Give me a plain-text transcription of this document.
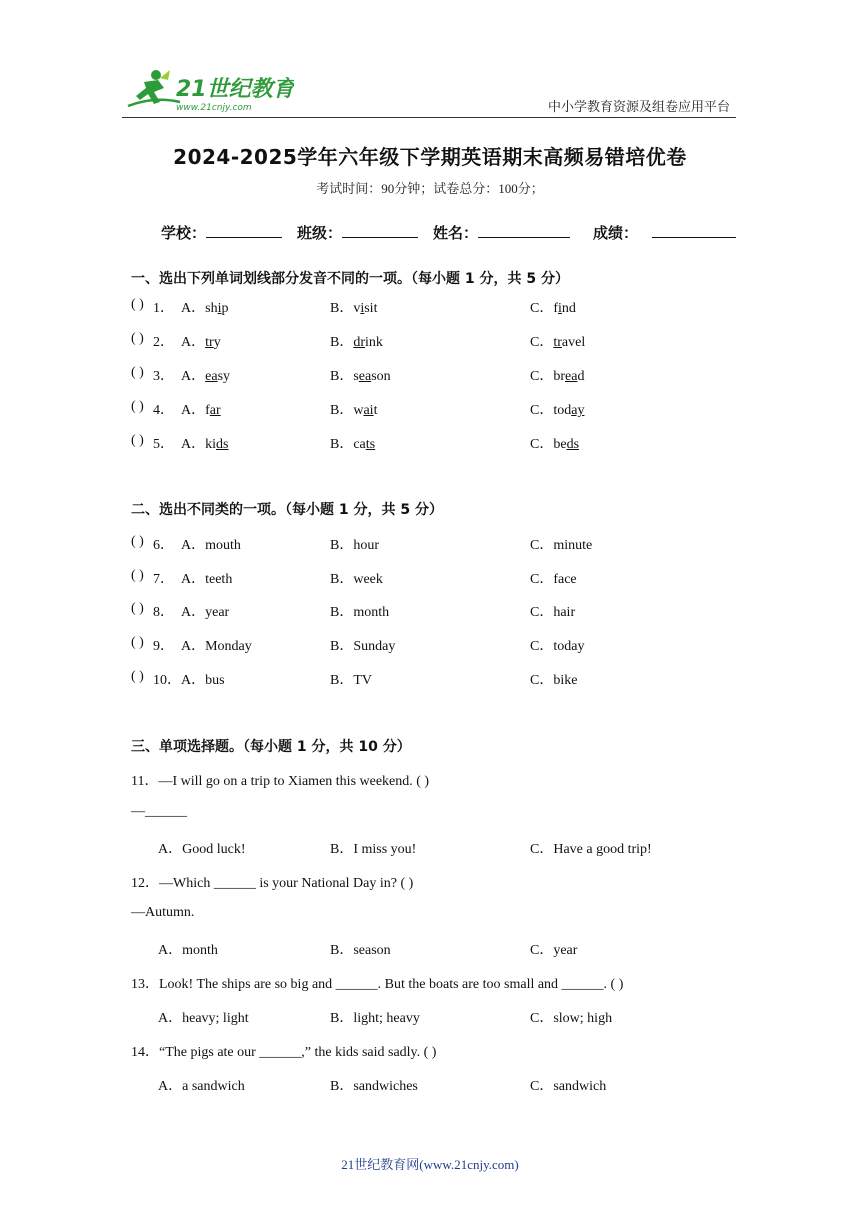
21世纪教育
www.21cnjy.com	中小学教育资源及组卷应用平台
2024-2025学年六年级下学期英语期末高频易错培优卷
考试时间：90分钟；试卷总分：100分；
学校：	班级：	姓名：	成绩：
一、选出下列单词划线部分发音不同的一项。（每小题 1 分，共 5 分）
( ) 1． A．ship	B．visit	C．find
( ) 2． A．try	B．drink	C．travel
( ) 3． A．easy	B．season	C．bread
( ) 4． A．far	B．wait	C．today
( ) 5． A．kids	B．cats	C．beds
二、选出不同类的一项。（每小题 1 分，共 5 分）
( ) 6． A．mouth	B．hour	C．minute
( ) 7． A．teeth	B．week	C．face
( ) 8． A．year	B．month	C．hair
( ) 9． A．Monday	B．Sunday	C．today
( ) 10． A．bus	B．TV	C．bike
三、单项选择题。（每小题 1 分，共 10 分）
11．—I will go on a trip to Xiamen this weekend. ( )
—______
A．Good luck!	B．I miss you!	C．Have a good trip!
12．—Which ______ is your National Day in? ( )
—Autumn.
A．month	B．season	C．year
13．Look! The ships are so big and ______. But the boats are too small and ______. ( )
A．heavy; light	B．light; heavy	C．slow; high
14．“The pigs ate our ______,” the kids said sadly. ( )
A．a sandwich	B．sandwiches	C．sandwich
21世纪教育网(www.21cnjy.com)
